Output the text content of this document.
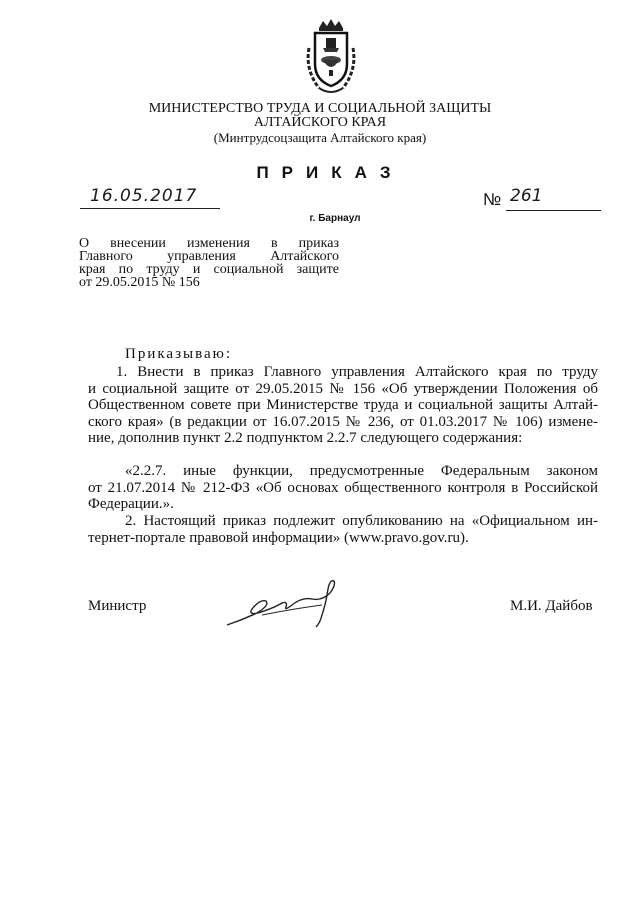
МИНИСТЕРСТВО ТРУДА И СОЦИАЛЬНОЙ ЗАЩИТЫ
АЛТАЙСКОГО КРАЯ
(Минтрудсоцзащита Алтайского края)
ПРИКАЗ
16.05.2017	№ 261
г. Барнаул
О внесении изменения в приказ
Главного управления Алтайского
края по труду и социальной защите
от 29.05.2015 № 156
Приказываю:
1. Внести в приказ Главного управления Алтайского края по труду
и социальной защите от 29.05.2015 № 156 «Об утверждении Положения об
Общественном совете при Министерстве труда и социальной защиты Алтай-
ского края» (в редакции от 16.07.2015 № 236, от 01.03.2017 № 106) измене-
ние, дополнив пункт 2.2 подпунктом 2.2.7 следующего содержания:
«2.2.7. иные функции, предусмотренные Федеральным законом
от 21.07.2014 № 212-ФЗ «Об основах общественного контроля в Российской
Федерации.».
2. Настоящий приказ подлежит опубликованию на «Официальном ин-
тернет-портале правовой информации» (www.pravo.gov.ru).
Министр	М.И. Дайбов
